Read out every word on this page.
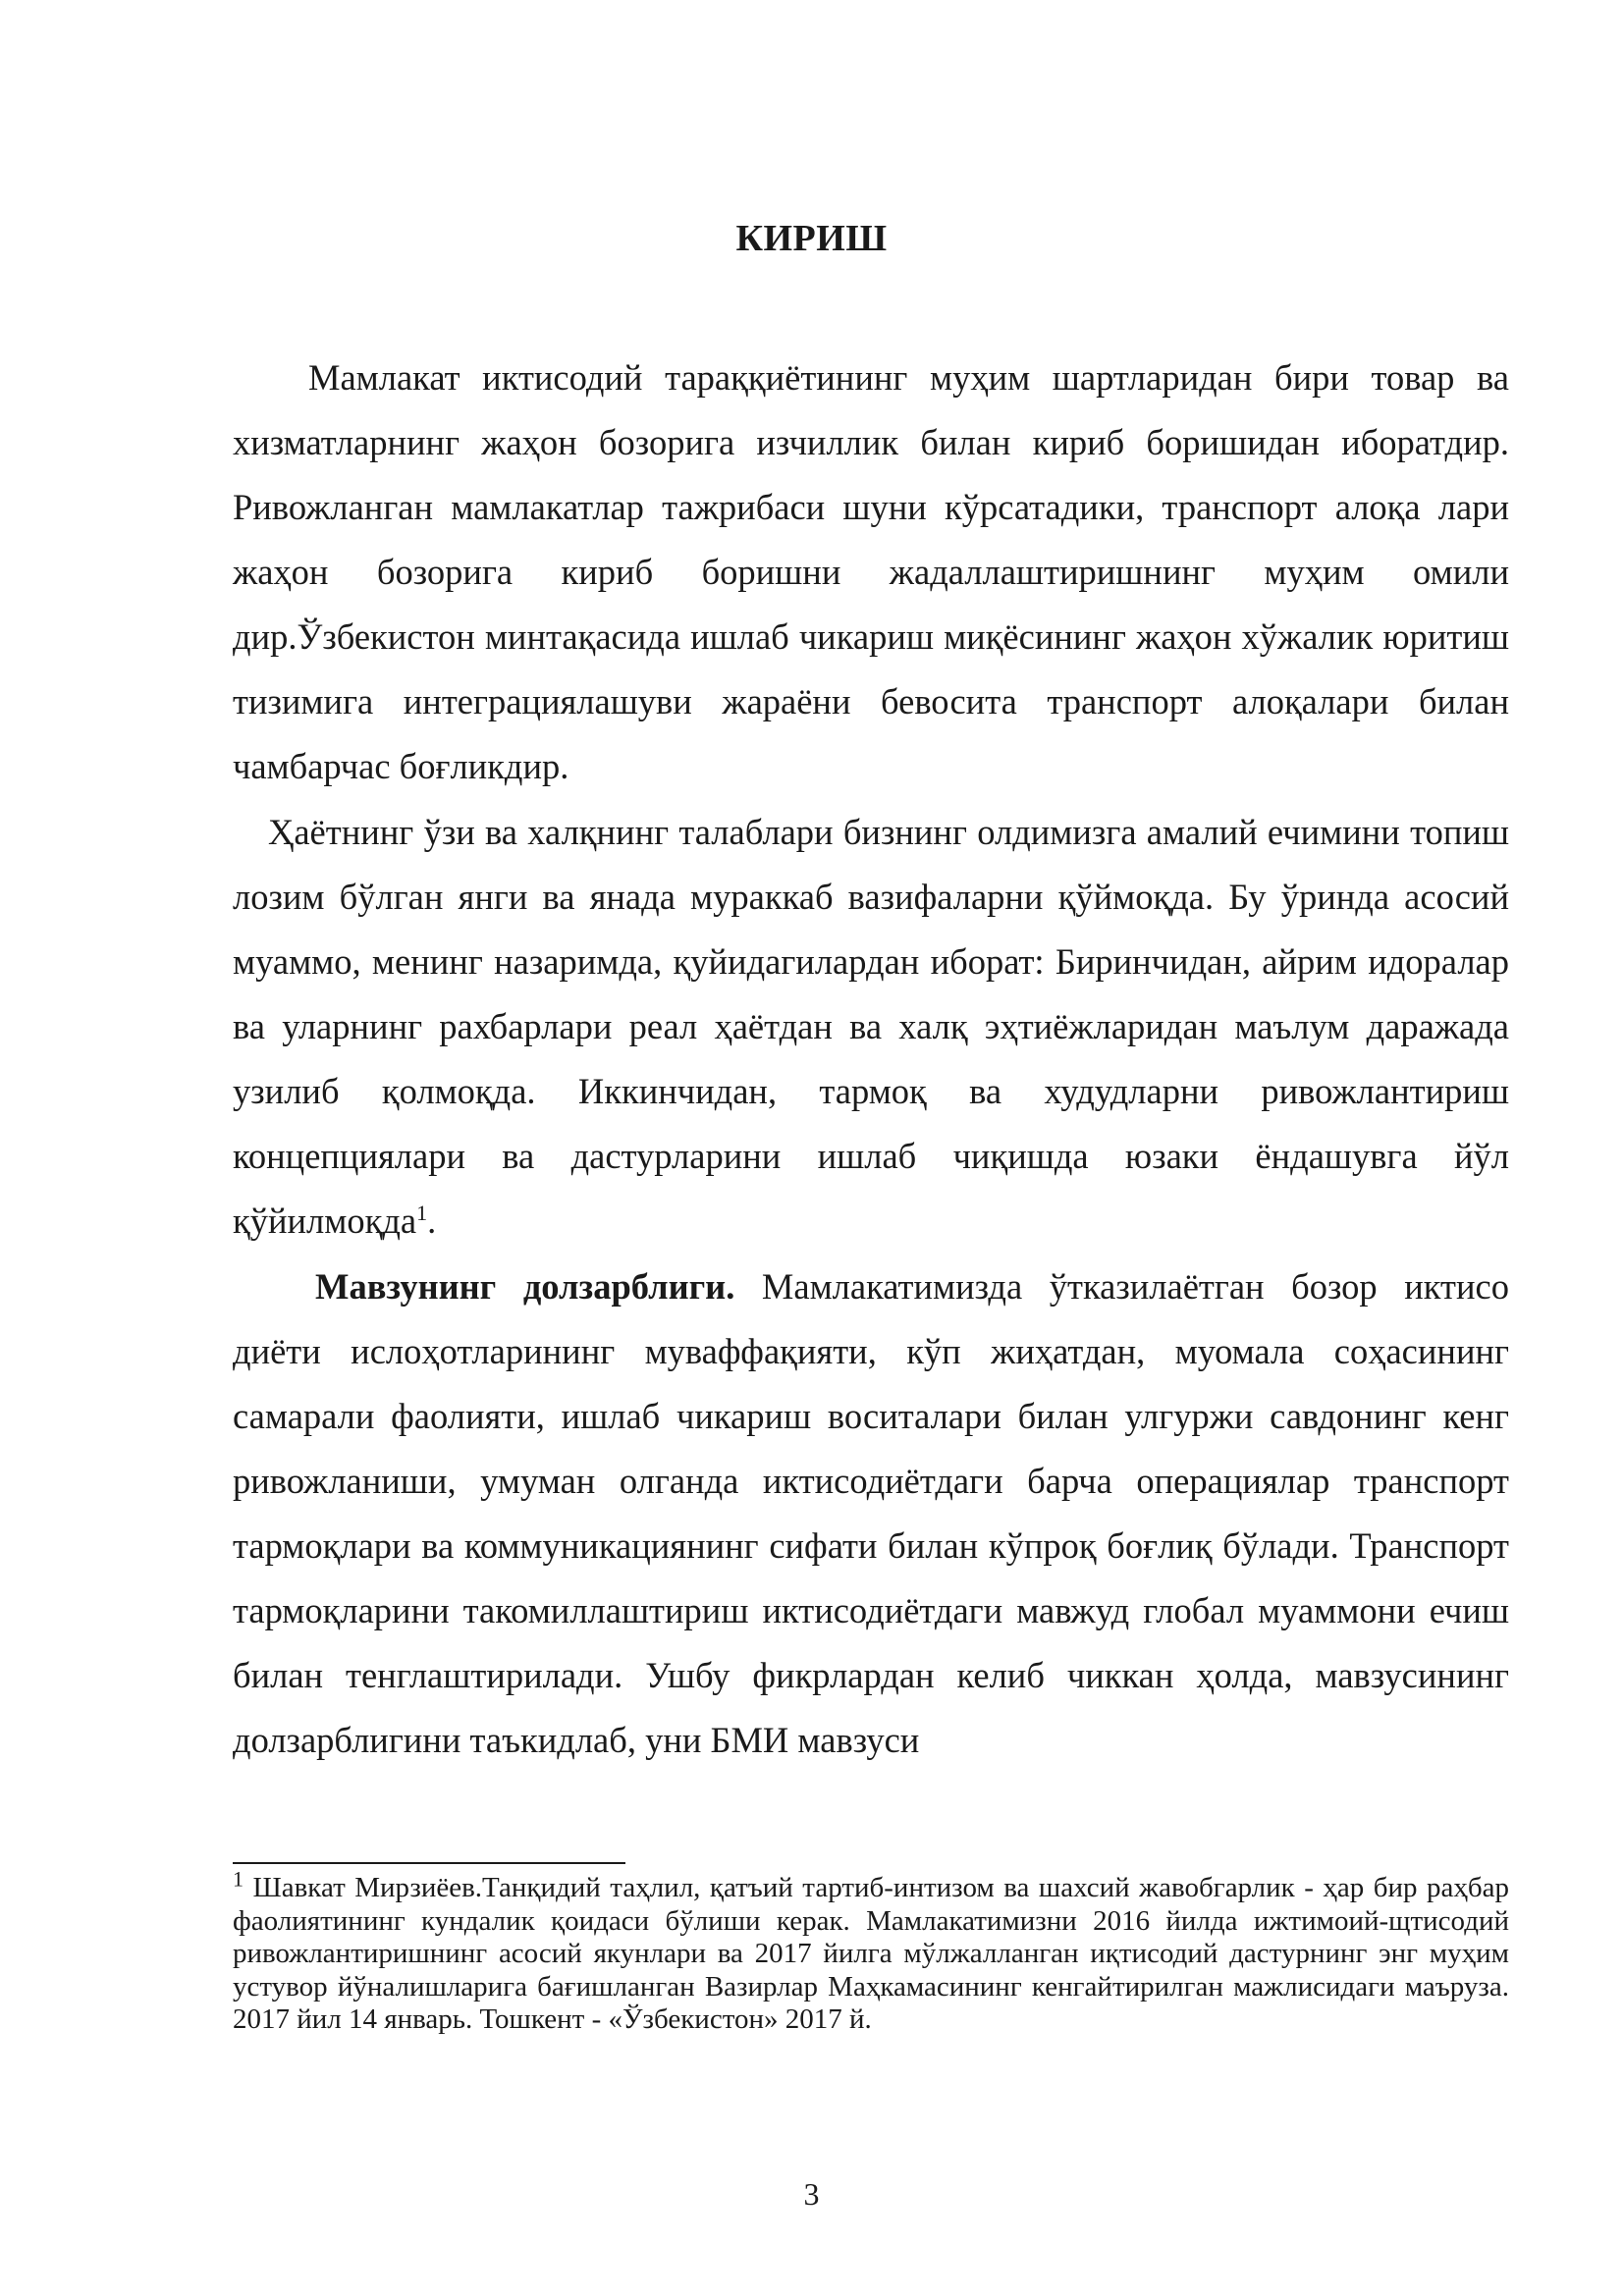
КИРИШ

Мамлакат иктисодий тараққиётининг муҳим шартларидан бири товар ва хизматларнинг жаҳон бозорига изчиллик билан кириб боришидан иборатдир. Ривожланган мамлакатлар тажрибаси шуни кўрсатадики, транспорт алоқа лари жаҳон бозорига кириб боришни жадаллаштиришнинг муҳим омили дир.Ўзбекистон минтақасида ишлаб чикариш миқёсининг жаҳон хўжалик юритиш тизимига интеграциялашуви жараёни бевосита транспорт алоқалари билан чамбарчас боғликдир.

Ҳаётнинг ўзи ва халқнинг талаблари бизнинг олдимизга амалий ечимини топиш лозим бўлган янги ва янада мураккаб вазифаларни қўймоқда. Бу ўринда асосий муаммо, менинг назаримда, қуйидагилардан иборат: Биринчидан, айрим идоралар ва уларнинг рахбарлари реал ҳаётдан ва халқ эҳтиёжларидан маълум даражада узилиб қолмоқда. Иккинчидан, тармоқ ва худудларни ривожлантириш концепциялари ва дастурларини ишлаб чиқишда юзаки ёндашувга йўл қўйилмоқда$^1$.

Мавзунинг долзарблиги. Мамлакатимизда ўтказилаётган бозор иктисо диёти ислоҳотларининг муваффақияти, кўп жиҳатдан, муомала соҳасининг самарали фаолияти, ишлаб чикариш воситалари билан улгуржи савдонинг кенг ривожланиши, умуман олганда иктисодиётдаги барча операциялар транспорт тармоқлари ва коммуникациянинг сифати билан кўпроқ боғлиқ бўлади. Транспорт тармоқларини такомиллаштириш иктисодиётдаги мавжуд глобал муаммони ечиш билан тенглаштирилади. Ушбу фикрлардан келиб чиккан ҳолда, мавзусининг долзарблигини таъкидлаб, уни БМИ мавзуси

$^1$ Шавкат Мирзиёев.Танқидий таҳлил, қатъий тартиб-интизом ва шахсий жавобгарлик - ҳар бир раҳбар фаолиятининг кундалик қоидаси бўлиши керак. Мамлакатимизни 2016 йилда ижтимоий-щтисодий ривожлантиришнинг асосий якунлари ва 2017 йилга мўлжалланган иқтисодий дастурнинг энг муҳим устувор йўналишларига бағишланган Вазирлар Маҳкамасининг кенгайтирилган мажлисидаги маъруза. 2017 йил 14 январь. Тошкент - «Ўзбекистон» 2017 й.
3
